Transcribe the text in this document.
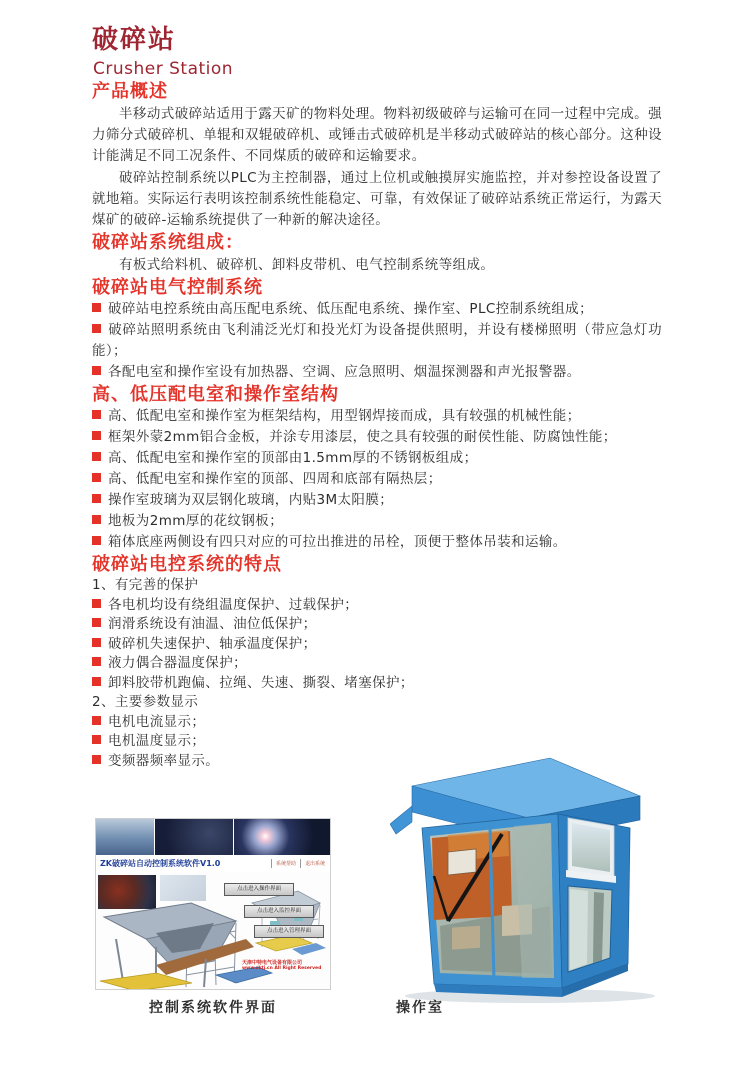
破碎站
Crusher Station
产品概述

半移动式破碎站适用于露天矿的物料处理。物料初级破碎与运输可在同一过程中完成。强力筛分式破碎机、单辊和双辊破碎机、或锤击式破碎机是半移动式破碎站的核心部分。这种设计能满足不同工况条件、不同煤质的破碎和运输要求。

破碎站控制系统以PLC为主控制器，通过上位机或触摸屏实施监控，并对参控设备设置了就地箱。实际运行表明该控制系统性能稳定、可靠，有效保证了破碎站系统正常运行，为露天煤矿的破碎-运输系统提供了一种新的解决途径。

破碎站系统组成：

有板式给料机、破碎机、卸料皮带机、电气控制系统等组成。

破碎站电气控制系统
破碎站电控系统由高压配电系统、低压配电系统、操作室、PLC控制系统组成；
破碎站照明系统由飞利浦泛光灯和投光灯为设备提供照明，并设有楼梯照明（带应急灯功能）；
各配电室和操作室设有加热器、空调、应急照明、烟温探测器和声光报警器。
高、低压配电室和操作室结构
高、低配电室和操作室为框架结构，用型钢焊接而成，具有较强的机械性能；
框架外蒙2mm铝合金板，并涂专用漆层，使之具有较强的耐侯性能、防腐蚀性能；
高、低配电室和操作室的顶部由1.5mm厚的不锈钢板组成；
高、低配电室和操作室的顶部、四周和底部有隔热层；
操作室玻璃为双层钢化玻璃，内贴3M太阳膜；
地板为2mm厚的花纹钢板；
箱体底座两侧设有四只对应的可拉出推进的吊栓，顶便于整体吊装和运输。
破碎站电控系统的特点
1、有完善的保护
各电机均设有绕组温度保护、过载保护；
润滑系统设有油温、油位低保护；
破碎机失速保护、轴承温度保护；
液力偶合器温度保护；
卸料胶带机跑偏、拉绳、失速、撕裂、堵塞保护；
2、主要参数显示
电机电流显示；
电机温度显示；
变频器频率显示。
ZK破碎站自动控制系统软件V1.0	系统帮助	退出系统
点击进入操作界面
点击进入监控界面
点击进入管理界面
天津中特电气设备有限公司
www.zktj.cn All Right Reserved
控制系统软件界面	操作室
